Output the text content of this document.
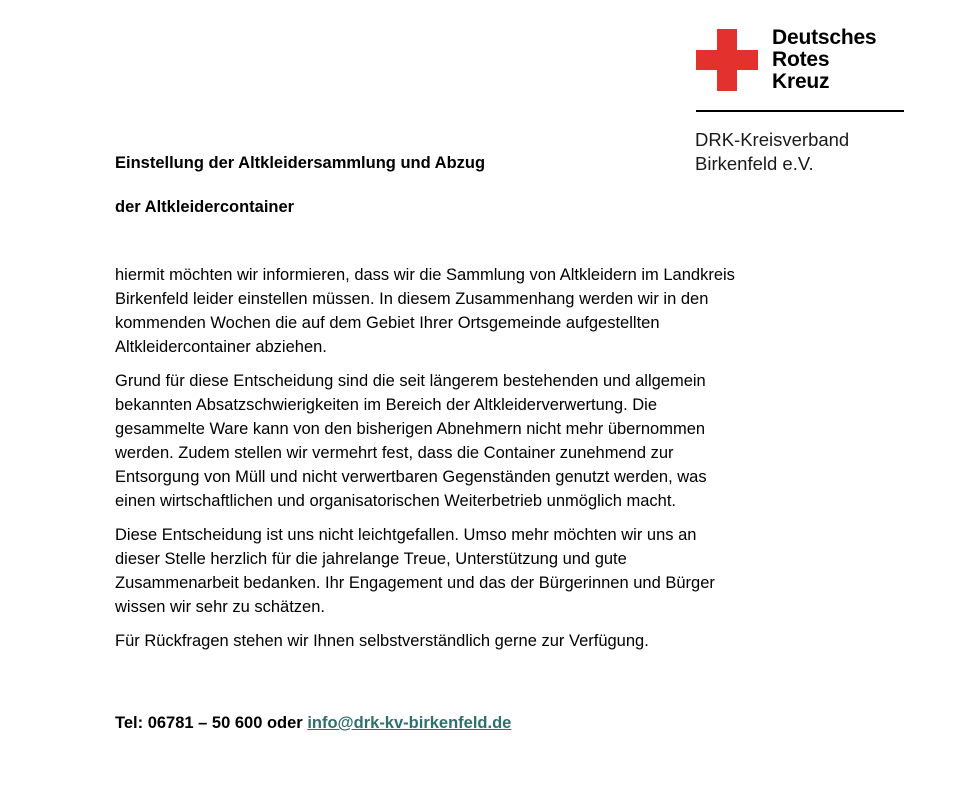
Deutsches
Rotes
Kreuz
DRK-Kreisverband
Birkenfeld e.V.
Einstellung der Altkleidersammlung und Abzug
der Altkleidercontainer

hiermit möchten wir informieren, dass wir die Sammlung von Altkleidern im Landkreis
Birkenfeld leider einstellen müssen. In diesem Zusammenhang werden wir in den
kommenden Wochen die auf dem Gebiet Ihrer Ortsgemeinde aufgestellten
Altkleidercontainer abziehen.

Grund für diese Entscheidung sind die seit längerem bestehenden und allgemein
bekannten Absatzschwierigkeiten im Bereich der Altkleiderverwertung. Die
gesammelte Ware kann von den bisherigen Abnehmern nicht mehr übernommen
werden. Zudem stellen wir vermehrt fest, dass die Container zunehmend zur
Entsorgung von Müll und nicht verwertbaren Gegenständen genutzt werden, was
einen wirtschaftlichen und organisatorischen Weiterbetrieb unmöglich macht.

Diese Entscheidung ist uns nicht leichtgefallen. Umso mehr möchten wir uns an
dieser Stelle herzlich für die jahrelange Treue, Unterstützung und gute
Zusammenarbeit bedanken. Ihr Engagement und das der Bürgerinnen und Bürger
wissen wir sehr zu schätzen.

Für Rückfragen stehen wir Ihnen selbstverständlich gerne zur Verfügung.

Tel: 06781 – 50 600 oder info@drk-kv-birkenfeld.de
